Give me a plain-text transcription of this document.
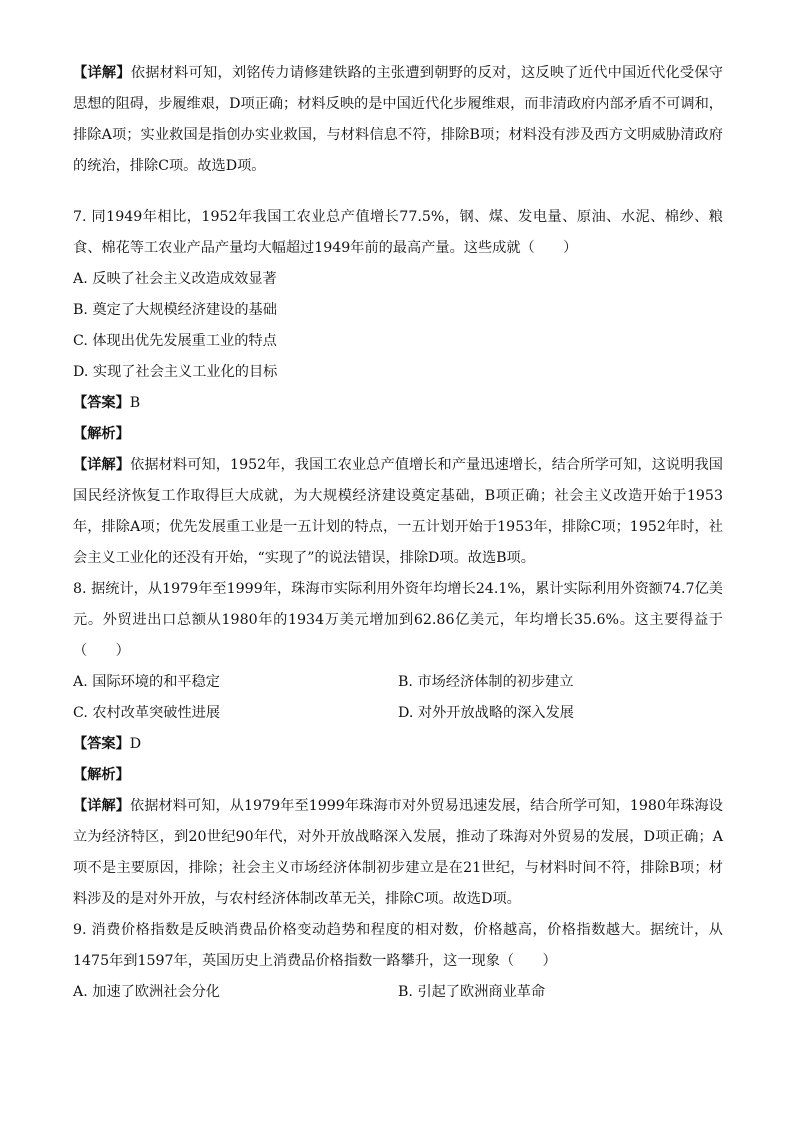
【详解】依据材料可知，刘铭传力请修建铁路的主张遭到朝野的反对，这反映了近代中国近代化受保守思想的阻碍，步履维艰，D项正确；材料反映的是中国近代化步履维艰，而非清政府内部矛盾不可调和，排除A项；实业救国是指创办实业救国，与材料信息不符，排除B项；材料没有涉及西方文明威胁清政府的统治，排除C项。故选D项。

7. 同1949年相比，1952年我国工农业总产值增长77.5%，钢、煤、发电量、原油、水泥、棉纱、粮食、棉花等工农业产品产量均大幅超过1949年前的最高产量。这些成就（　　）

A. 反映了社会主义改造成效显著
B. 奠定了大规模经济建设的基础
C. 体现出优先发展重工业的特点
D. 实现了社会主义工业化的目标
【答案】B
【解析】

【详解】依据材料可知，1952年，我国工农业总产值增长和产量迅速增长，结合所学可知，这说明我国国民经济恢复工作取得巨大成就，为大规模经济建设奠定基础，B项正确；社会主义改造开始于1953年，排除A项；优先发展重工业是一五计划的特点，一五计划开始于1953年，排除C项；1952年时，社会主义工业化的还没有开始，“实现了”的说法错误，排除D项。故选B项。

8. 据统计，从1979年至1999年，珠海市实际利用外资年均增长24.1%，累计实际利用外资额74.7亿美元。外贸进出口总额从1980年的1934万美元增加到62.86亿美元，年均增长35.6%。这主要得益于（　　）

A. 国际环境的和平稳定	B. 市场经济体制的初步建立
C. 农村改革突破性进展	D. 对外开放战略的深入发展
【答案】D
【解析】

【详解】依据材料可知，从1979年至1999年珠海市对外贸易迅速发展，结合所学可知，1980年珠海设立为经济特区，到20世纪90年代，对外开放战略深入发展，推动了珠海对外贸易的发展，D项正确；A项不是主要原因，排除；社会主义市场经济体制初步建立是在21世纪，与材料时间不符，排除B项；材料涉及的是对外开放，与农村经济体制改革无关，排除C项。故选D项。

9. 消费价格指数是反映消费品价格变动趋势和程度的相对数，价格越高，价格指数越大。据统计，从1475年到1597年，英国历史上消费品价格指数一路攀升，这一现象（　　）

A. 加速了欧洲社会分化	B. 引起了欧洲商业革命
